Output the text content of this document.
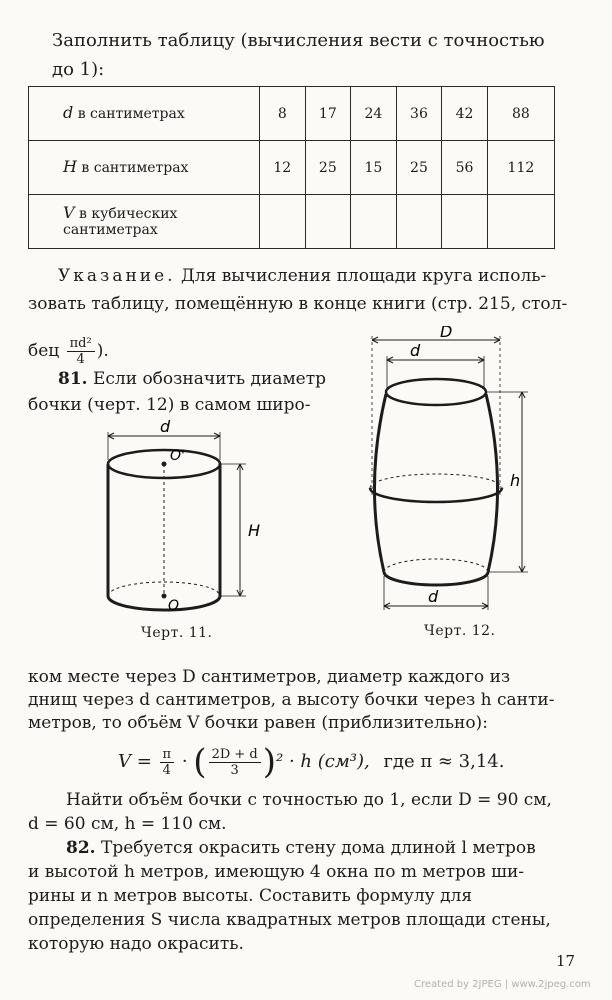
Заполнить таблицу (вычисления вести с точностью до 1):
d в сантиметрах	8	17	24	36	42	88
H в сантиметрах	12	25	15	25	56	112
V в кубических сантиметрах						
Указание. Для вычисления площади круга исполь-
зовать таблицу, помещённую в конце книги (стр. 215, стол-
бец $\frac{\text{πd²}}{4}$ ).
81. Если обозначить диаметр
бочки (черт. 12) в самом широ-
d
O'
O
H
Черт. 11.
D
d
d
h
Черт. 12.
ком месте через D сантиметров, диаметр каждого из
днищ через d сантиметров, а высоту бочки через h санти-
метров, то объём V бочки равен (приблизительно):
$V = \frac{\pi}{4}$ · ( $\frac{2D + d}{3} )^2 \cdot h$ (см³), где π ≈ 3,14.
Найти объём бочки с точностью до 1, если D = 90 см,
d = 60 см, h = 110 см.
82. Требуется окрасить стену дома длиной l метров
и высотой h метров, имеющую 4 окна по m метров ши-
рины и n метров высоты. Составить формулу для
определения S числа квадратных метров площади стены,
которую надо окрасить.
17
Created by 2JPEG | www.2jpeg.com
